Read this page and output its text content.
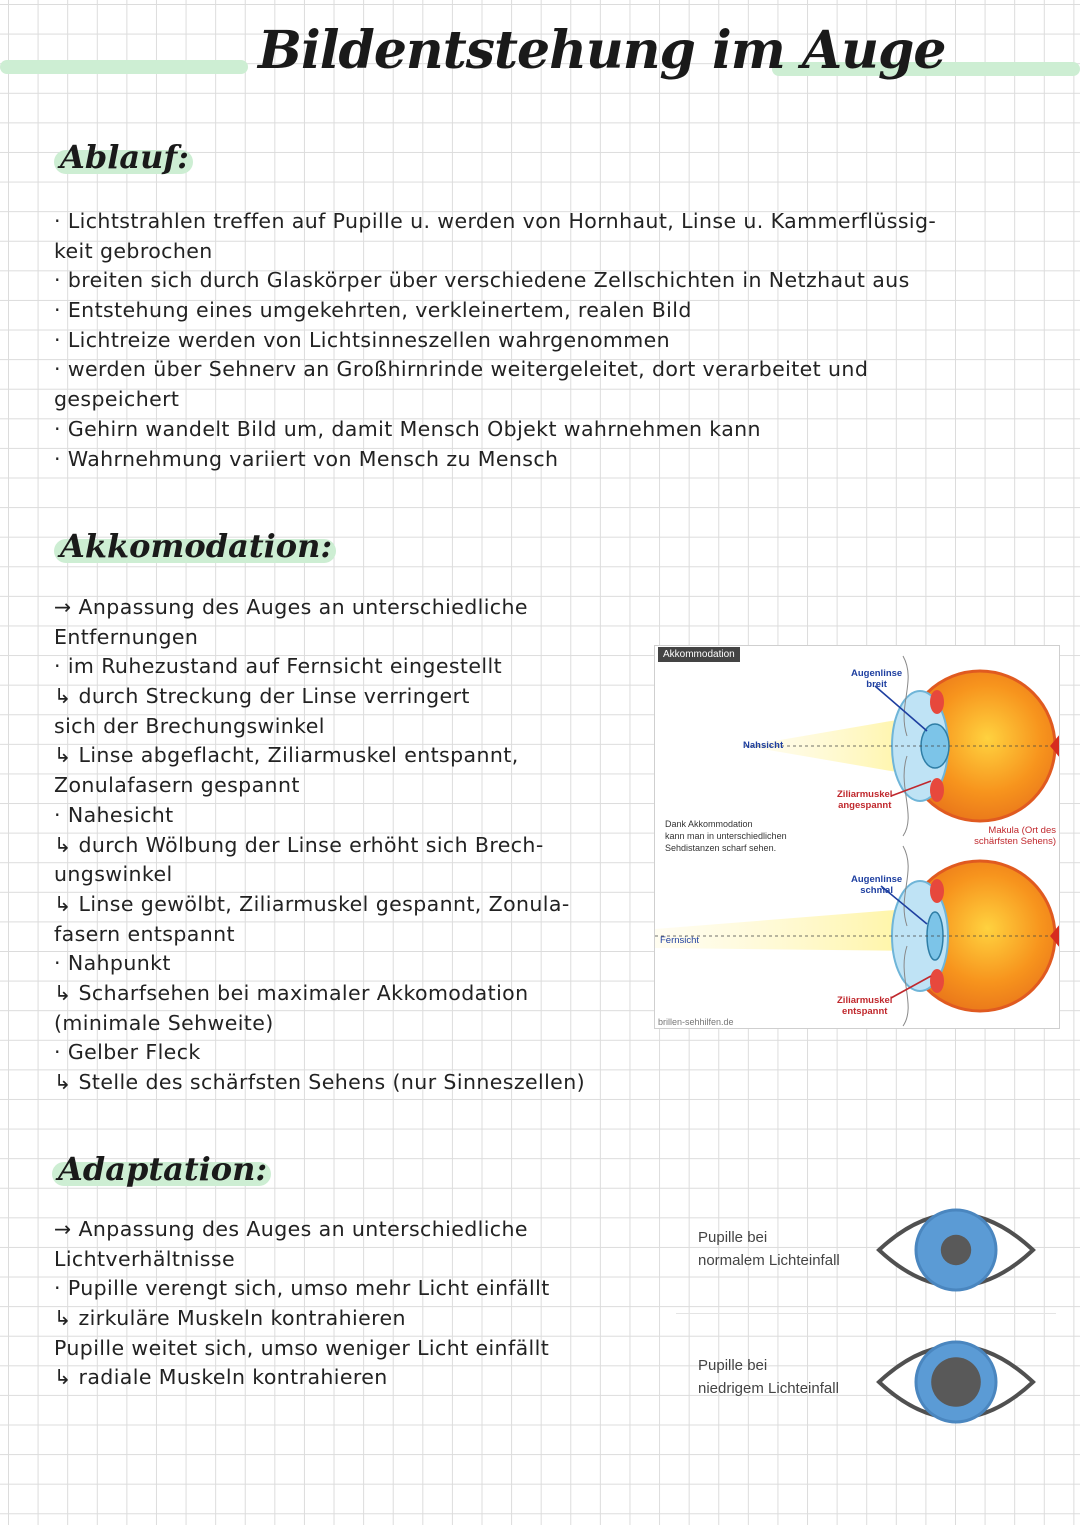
Bildentstehung im Auge
Ablauf:
· Lichtstrahlen treffen auf Pupille u. werden von Hornhaut, Linse u. Kammerflüssig-
keit gebrochen
· breiten sich durch Glaskörper über verschiedene Zellschichten in Netzhaut aus
· Entstehung eines umgekehrten, verkleinertem, realen Bild
· Lichtreize werden von Lichtsinneszellen wahrgenommen
· werden über Sehnerv an Großhirnrinde weitergeleitet, dort verarbeitet und
gespeichert
· Gehirn wandelt Bild um, damit Mensch Objekt wahrnehmen kann
· Wahrnehmung variiert von Mensch zu Mensch
Akkomodation:
→ Anpassung des Auges an unterschiedliche
Entfernungen
· im Ruhezustand auf Fernsicht eingestellt
↳ durch Streckung der Linse verringert
sich der Brechungswinkel
↳ Linse abgeflacht, Ziliarmuskel entspannt,
Zonulafasern gespannt
· Nahesicht
↳ durch Wölbung der Linse erhöht sich Brech-
ungswinkel
↳ Linse gewölbt, Ziliarmuskel gespannt, Zonula-
fasern entspannt
· Nahpunkt
↳ Scharfsehen bei maximaler Akkomodation
(minimale Sehweite)
· Gelber Fleck
↳ Stelle des schärfsten Sehens (nur Sinneszellen)
Akkommodation
Dank Akkommodation
kann man in unterschiedlichen
Sehdistanzen scharf sehen.
Nahsicht
Fernsicht
Augenlinse
breit
Augenlinse
schmal
Ziliarmuskel
angespannt
Ziliarmuskel
entspannt
Makula (Ort des
schärfsten Sehens)
brillen-sehhilfen.de
Adaptation:
→ Anpassung des Auges an unterschiedliche
Lichtverhältnisse
· Pupille verengt sich, umso mehr Licht einfällt
↳ zirkuläre Muskeln kontrahieren
Pupille weitet sich, umso weniger Licht einfällt
↳ radiale Muskeln kontrahieren
Pupille bei
normalem Lichteinfall
Pupille bei
niedrigem Lichteinfall
